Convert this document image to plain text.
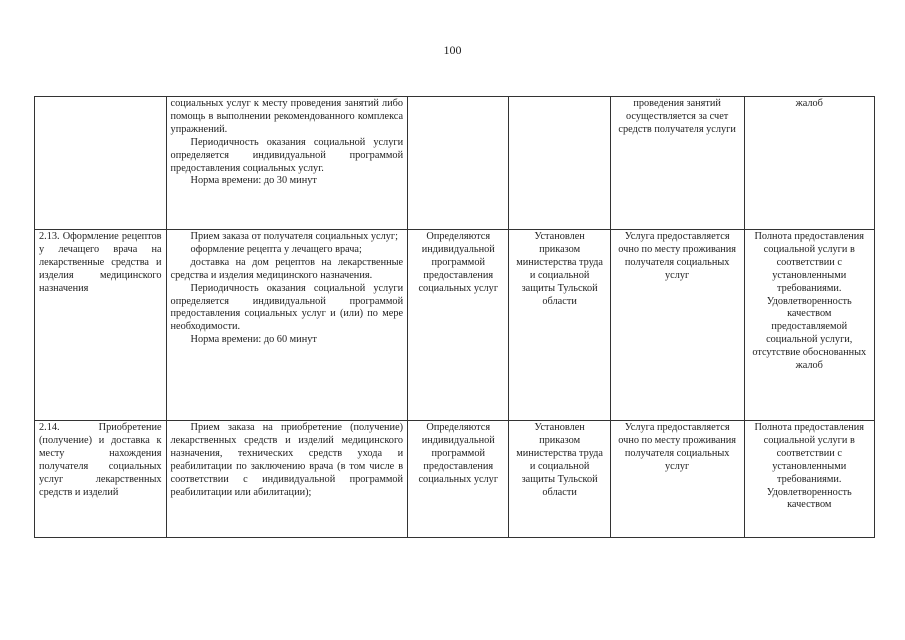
100

	социальных услуг к месту проведения занятий либо помощь в выполнении рекомендованного комплекса упражнений.

Периодичность оказания социальной услуги определяется индивидуальной программой предоставления социальных услуг.

Норма времени: до 30 минут			проведения занятий осуществляется за счет средств получателя услуги	жалоб
2.13. Оформление рецептов у лечащего врача на лекарственные средства и изделия медицинского назначения	Прием заказа от получателя социальных услуг;

оформление рецепта у лечащего врача;

доставка на дом рецептов на лекарственные средства и изделия медицинского назначения.

Периодичность оказания социальной услуги определяется индивидуальной программой предоставления социальных услуг и (или) по мере необходимости.

Норма времени: до 60 минут	Определяются индивидуальной программой предоставления социальных услуг	Установлен приказом министерства труда и социальной защиты Тульской области	Услуга предоставляется очно по месту проживания получателя социальных услуг	Полнота предоставления социальной услуги в соответствии с установленными требованиями. Удовлетворенность качеством предоставляемой социальной услуги, отсутствие обоснованных жалоб
2.14. Приобретение (получение) и доставка к месту нахождения получателя социальных услуг лекарственных средств и изделий	Прием заказа на приобретение (получение) лекарственных средств и изделий медицинского назначения, технических средств ухода и реабилитации по заключению врача (в том числе в соответствии с индивидуальной программой реабилитации или абилитации);	Определяются индивидуальной программой предоставления социальных услуг	Установлен приказом министерства труда и социальной защиты Тульской области	Услуга предоставляется очно по месту проживания получателя социальных услуг	Полнота предоставления социальной услуги в соответствии с установленными требованиями. Удовлетворенность качеством
